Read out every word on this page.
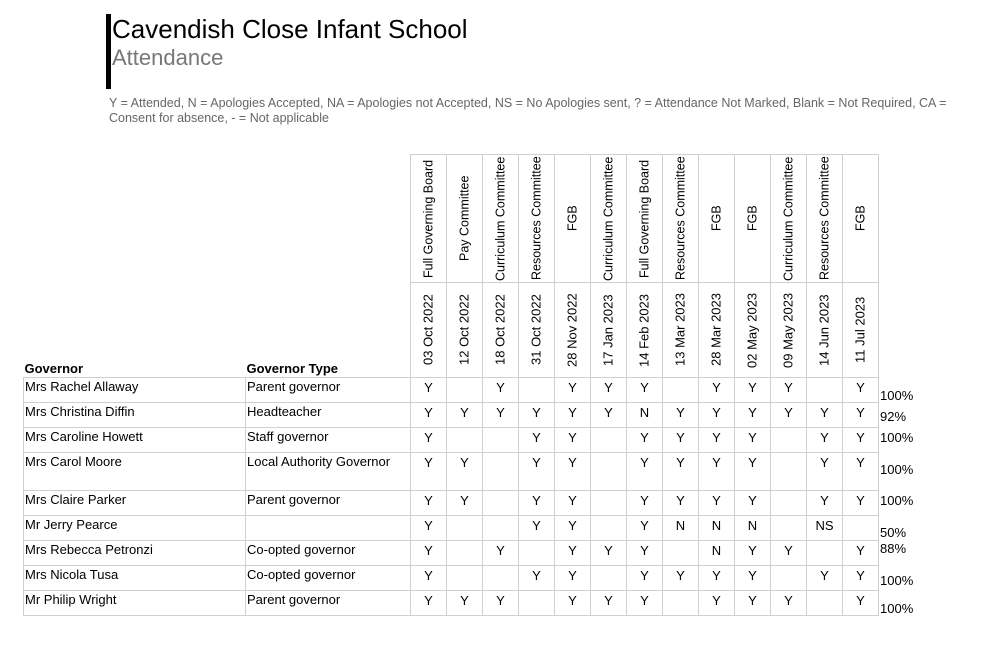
Cavendish Close Infant School
Attendance
Y = Attended, N = Apologies Accepted, NA = Apologies not Accepted, NS = No Apologies sent, ? = Attendance Not Marked, Blank = Not Required, CA = Consent for absence, - = Not applicable

Full Governing Board	Pay Committee	Curriculum Committee	Resources Committee	FGB	Curriculum Committee	Full Governing Board	Resources Committee	FGB	FGB	Curriculum Committee	Resources Committee	FGB	

Governor	Governor Type	03 Oct 2022	12 Oct 2022	18 Oct 2022	31 Oct 2022	28 Nov 2022	17 Jan 2023	14 Feb 2023	13 Mar 2023	28 Mar 2023	02 May 2023	09 May 2023	14 Jun 2023	11 Jul 2023	

Mrs Rachel Allaway	Parent governor	Y		Y		Y	Y	Y		Y	Y	Y		Y	100%

Mrs Christina Diffin	Headteacher	Y	Y	Y	Y	Y	Y	N	Y	Y	Y	Y	Y	Y	92%

Mrs Caroline Howett	Staff governor	Y			Y	Y		Y	Y	Y	Y		Y	Y	100%

Mrs Carol Moore	Local Authority Governor	Y	Y		Y	Y		Y	Y	Y	Y		Y	Y	100%

Mrs Claire Parker	Parent governor	Y	Y		Y	Y		Y	Y	Y	Y		Y	Y	100%

Mr Jerry Pearce		Y			Y	Y		Y	N	N	N		NS		50%

Mrs Rebecca Petronzi	Co-opted governor	Y		Y		Y	Y	Y		N	Y	Y		Y	88%

Mrs Nicola Tusa	Co-opted governor	Y			Y	Y		Y	Y	Y	Y		Y	Y	100%

Mr Philip Wright	Parent governor	Y	Y	Y		Y	Y	Y		Y	Y	Y		Y	100%
